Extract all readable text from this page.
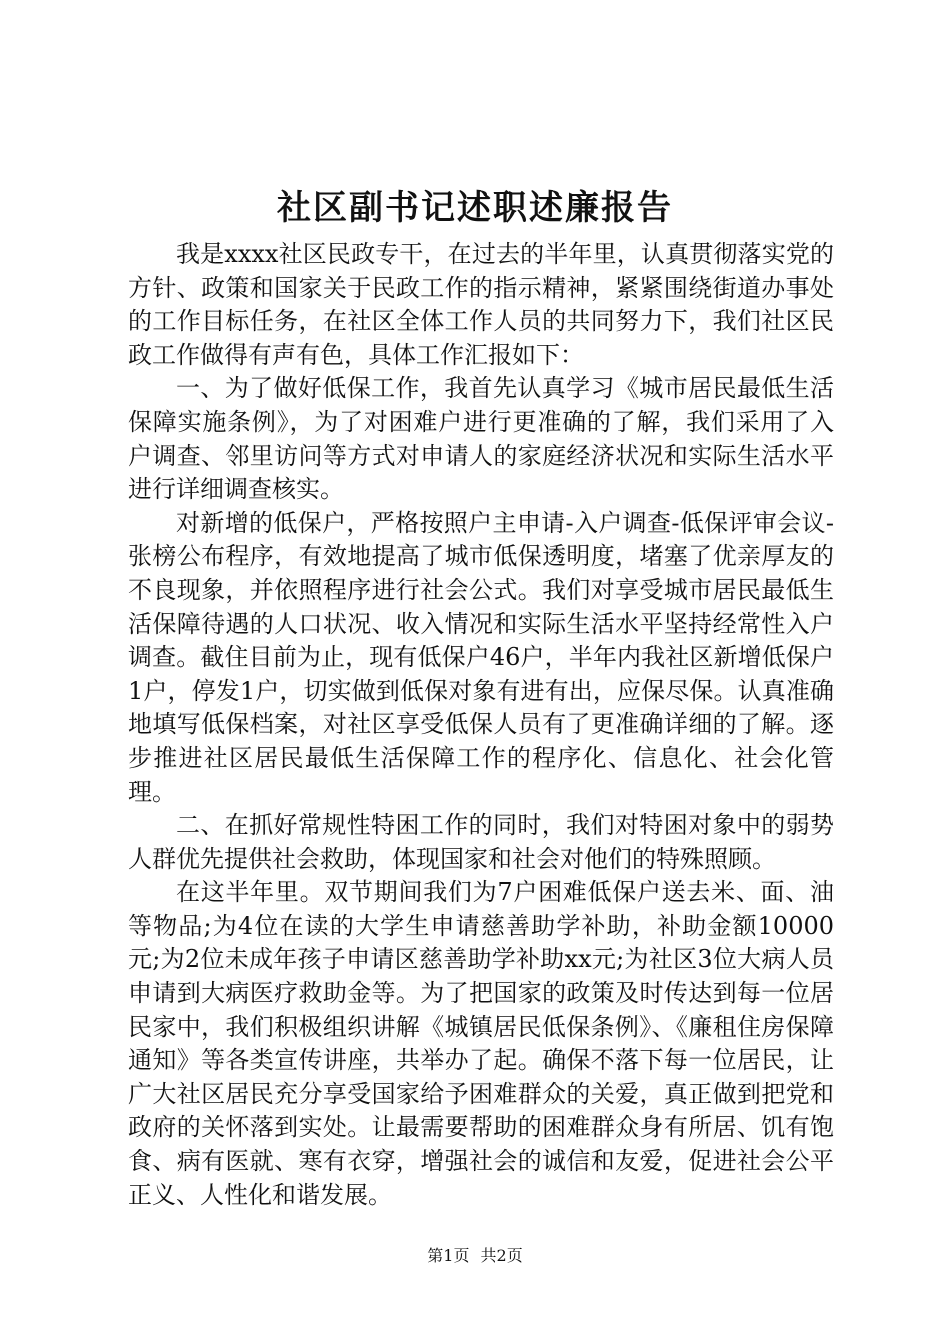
社区副书记述职述廉报告

我是xxxx社区民政专干，在过去的半年里，认真贯彻落实党的方针、政策和国家关于民政工作的指示精神，紧紧围绕街道办事处的工作目标任务，在社区全体工作人员的共同努力下，我们社区民政工作做得有声有色，具体工作汇报如下：

一、为了做好低保工作，我首先认真学习《城市居民最低生活保障实施条例》，为了对困难户进行更准确的了解，我们采用了入户调查、邻里访问等方式对申请人的家庭经济状况和实际生活水平进行详细调查核实。

对新增的低保户，严格按照户主申请-入户调查-低保评审会议-张榜公布程序，有效地提高了城市低保透明度，堵塞了优亲厚友的不良现象，并依照程序进行社会公式。我们对享受城市居民最低生活保障待遇的人口状况、收入情况和实际生活水平坚持经常性入户调查。截住目前为止，现有低保户46户，半年内我社区新增低保户1户，停发1户，切实做到低保对象有进有出，应保尽保。认真准确地填写低保档案，对社区享受低保人员有了更准确详细的了解。逐步推进社区居民最低生活保障工作的程序化、信息化、社会化管理。

二、在抓好常规性特困工作的同时，我们对特困对象中的弱势人群优先提供社会救助，体现国家和社会对他们的特殊照顾。

在这半年里。双节期间我们为7户困难低保户送去米、面、油等物品;为4位在读的大学生申请慈善助学补助，补助金额10000元;为2位未成年孩子申请区慈善助学补助xx元;为社区3位大病人员申请到大病医疗救助金等。为了把国家的政策及时传达到每一位居民家中，我们积极组织讲解《城镇居民低保条例》、《廉租住房保障通知》等各类宣传讲座，共举办了起。确保不落下每一位居民，让广大社区居民充分享受国家给予困难群众的关爱，真正做到把党和政府的关怀落到实处。让最需要帮助的困难群众身有所居、饥有饱食、病有医就、寒有衣穿，增强社会的诚信和友爱，促进社会公平正义、人性化和谐发展。

第1页 共2页
